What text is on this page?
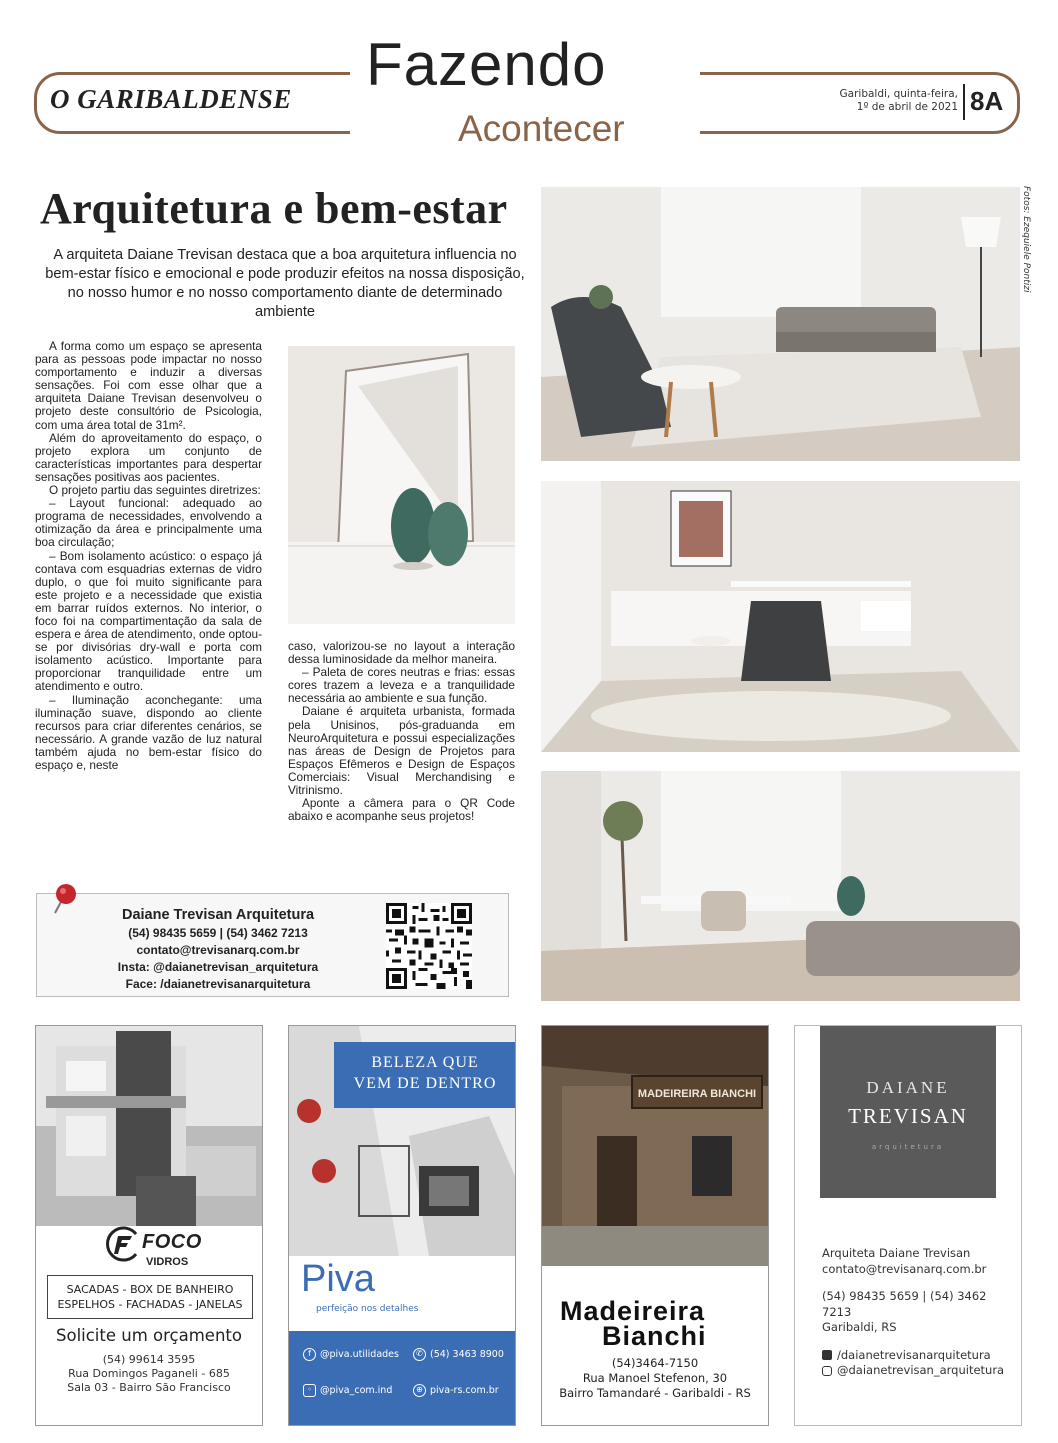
O GARIBALDENSE
Fazendo
Acontecer
Garibaldi, quinta-feira,
1º de abril de 2021 8A
Fotos: Ezequiele Pontizi
Arquitetura e bem-estar
A arquiteta Daiane Trevisan destaca que a boa arquitetura influencia no bem-estar físico e emocional e pode produzir efeitos na nossa disposição, no nosso humor e no nosso comportamento diante de determinado ambiente

A forma como um espaço se apresenta para as pessoas pode impactar no nosso comportamento e induzir a diversas sensações. Foi com esse olhar que a arquiteta Daiane Trevisan desenvolveu o projeto deste consultório de Psicologia, com uma área total de 31m².

Além do aproveitamento do espaço, o projeto explora um conjunto de características importantes para despertar sensações positivas aos pacientes.

O projeto partiu das seguintes diretrizes:

– Layout funcional: adequado ao programa de necessidades, envolvendo a otimização da área e principalmente uma boa circulação;

– Bom isolamento acústico: o espaço já contava com esquadrias externas de vidro duplo, o que foi muito significante para este projeto e a necessidade que existia em barrar ruídos externos. No interior, o foco foi na compartimentação da sala de espera e área de atendimento, onde optou-se por divisórias dry-wall e porta com isolamento acústico. Importante para proporcionar tranquilidade entre um atendimento e outro.

– Iluminação aconchegante: uma iluminação suave, dispondo ao cliente recursos para criar diferentes cenários, se necessário. A grande vazão de luz natural também ajuda no bem-estar físico do espaço e, neste

caso, valorizou-se no layout a interação dessa luminosidade da melhor maneira.

– Paleta de cores neutras e frias: essas cores trazem a leveza e a tranquilidade necessária ao ambiente e sua função.

Daiane é arquiteta urbanista, formada pela Unisinos, pós-graduanda em NeuroArquitetura e possui especializações nas áreas de Design de Projetos para Espaços Efêmeros e Design de Espaços Comerciais: Visual Merchandising e Vitrinismo.

Aponte a câmera para o QR Code abaixo e acompanhe seus projetos!

Daiane Trevisan Arquitetura
(54) 98435 5659 | (54) 3462 7213
contato@trevisanarq.com.br
Insta: @daianetrevisan_arquitetura
Face: /daianetrevisanarquitetura
FOCO
VIDROS
SACADAS - BOX DE BANHEIRO
ESPELHOS - FACHADAS - JANELAS
Solicite um orçamento
(54) 99614 3595
Rua Domingos Paganeli - 685
Sala 03 - Bairro São Francisco
BELEZA QUE
VEM DE DENTRO
Piva
perfeição nos detalhes
f @piva.utilidades	✆ (54) 3463 8900
◦ @piva_com.ind	⊕ piva-rs.com.br
MADEIREIRA BIANCHI
Madeireira
Bianchi
(54)3464-7150
Rua Manoel Stefenon, 30
Bairro Tamandaré - Garibaldi - RS
DAIANE
TREVISAN
arquitetura
Arquiteta Daiane Trevisan
contato@trevisanarq.com.br
(54) 98435 5659 | (54) 3462 7213
Garibaldi, RS
/daianetrevisanarquitetura
@daianetrevisan_arquitetura
